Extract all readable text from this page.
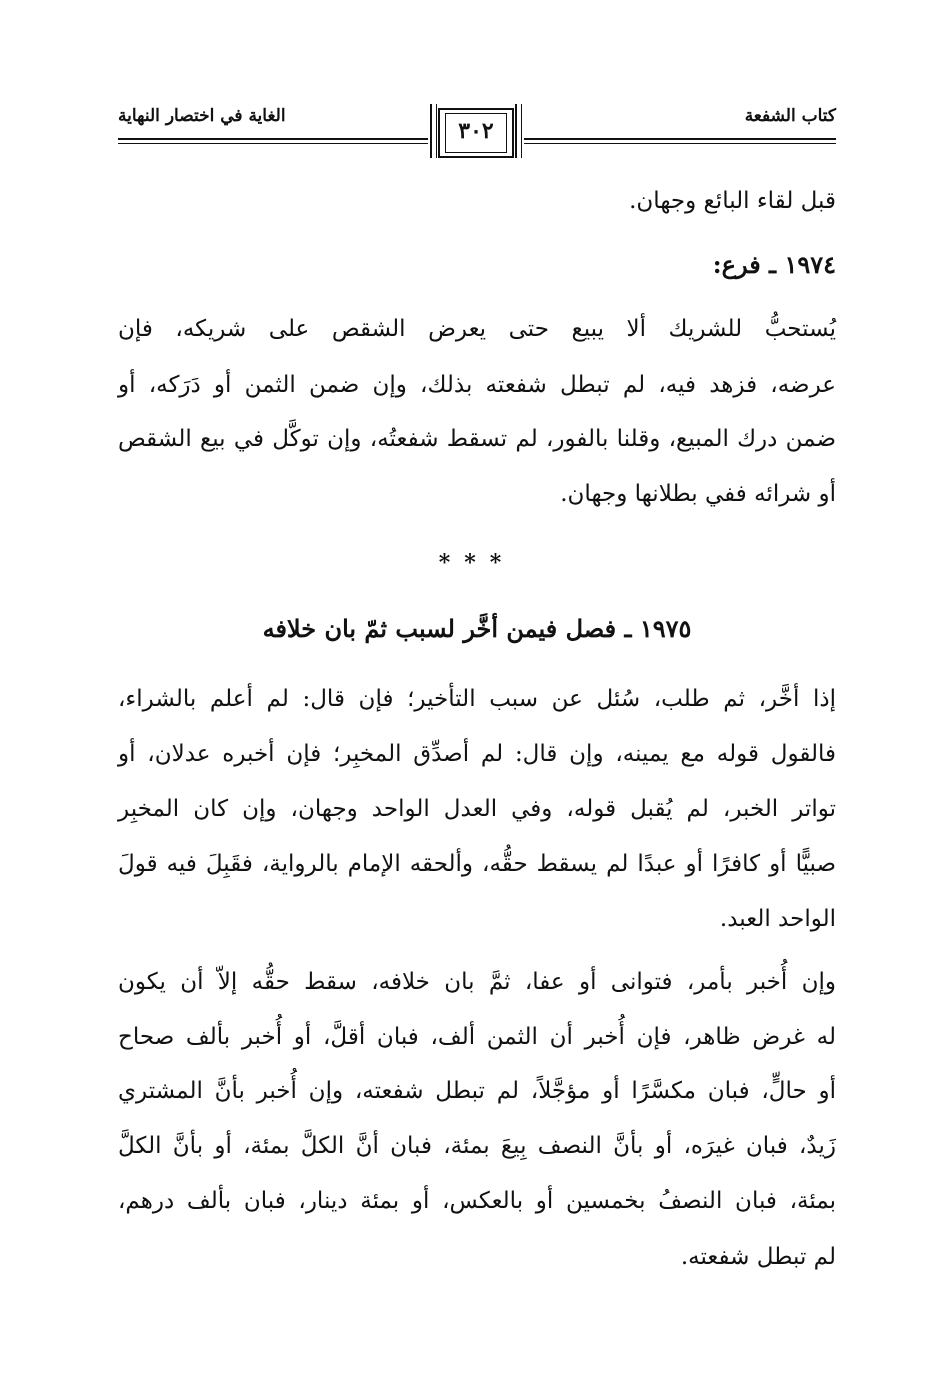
كتاب الشفعة
الغاية في اختصار النهاية
٣٠٢
قبل لقاء البائع وجهان.
١٩٧٤ ـ فرع:
يُستحبُّ للشريك ألا يبيع حتى يعرض الشقص على شريكه، فإن
عرضه، فزهد فيه، لم تبطل شفعته بذلك، وإن ضمن الثمن أو دَرَكه، أو
ضمن درك المبيع، وقلنا بالفور، لم تسقط شفعتُه، وإن توكَّل في بيع الشقص
أو شرائه ففي بطلانها وجهان.
***
١٩٧٥ ـ فصل فيمن أخَّر لسبب ثمّ بان خلافه
إذا أخَّر، ثم طلب، سُئل عن سبب التأخير؛ فإن قال: لم أعلم بالشراء،
فالقول قوله مع يمينه، وإن قال: لم أصدِّق المخبِر؛ فإن أخبره عدلان، أو
تواتر الخبر، لم يُقبل قوله، وفي العدل الواحد وجهان، وإن كان المخبِر
صبيًّا أو كافرًا أو عبدًا لم يسقط حقُّه، وألحقه الإمام بالرواية، فقَبِلَ فيه قولَ
الواحد العبد.
وإن أُخبر بأمر، فتوانى أو عفا، ثمَّ بان خلافه، سقط حقُّه إلاّ أن يكون
له غرض ظاهر، فإن أُخبر أن الثمن ألف، فبان أقلَّ، أو أُخبر بألف صحاح
أو حالٍّ، فبان مكسَّرًا أو مؤجَّلاً، لم تبطل شفعته، وإن أُخبر بأنَّ المشتري
زَيدٌ، فبان غيرَه، أو بأنَّ النصف بِيعَ بمئة، فبان أنَّ الكلَّ بمئة، أو بأنَّ الكلَّ
بمئة، فبان النصفُ بخمسين أو بالعكس، أو بمئة دينار، فبان بألف درهم،
لم تبطل شفعته.
